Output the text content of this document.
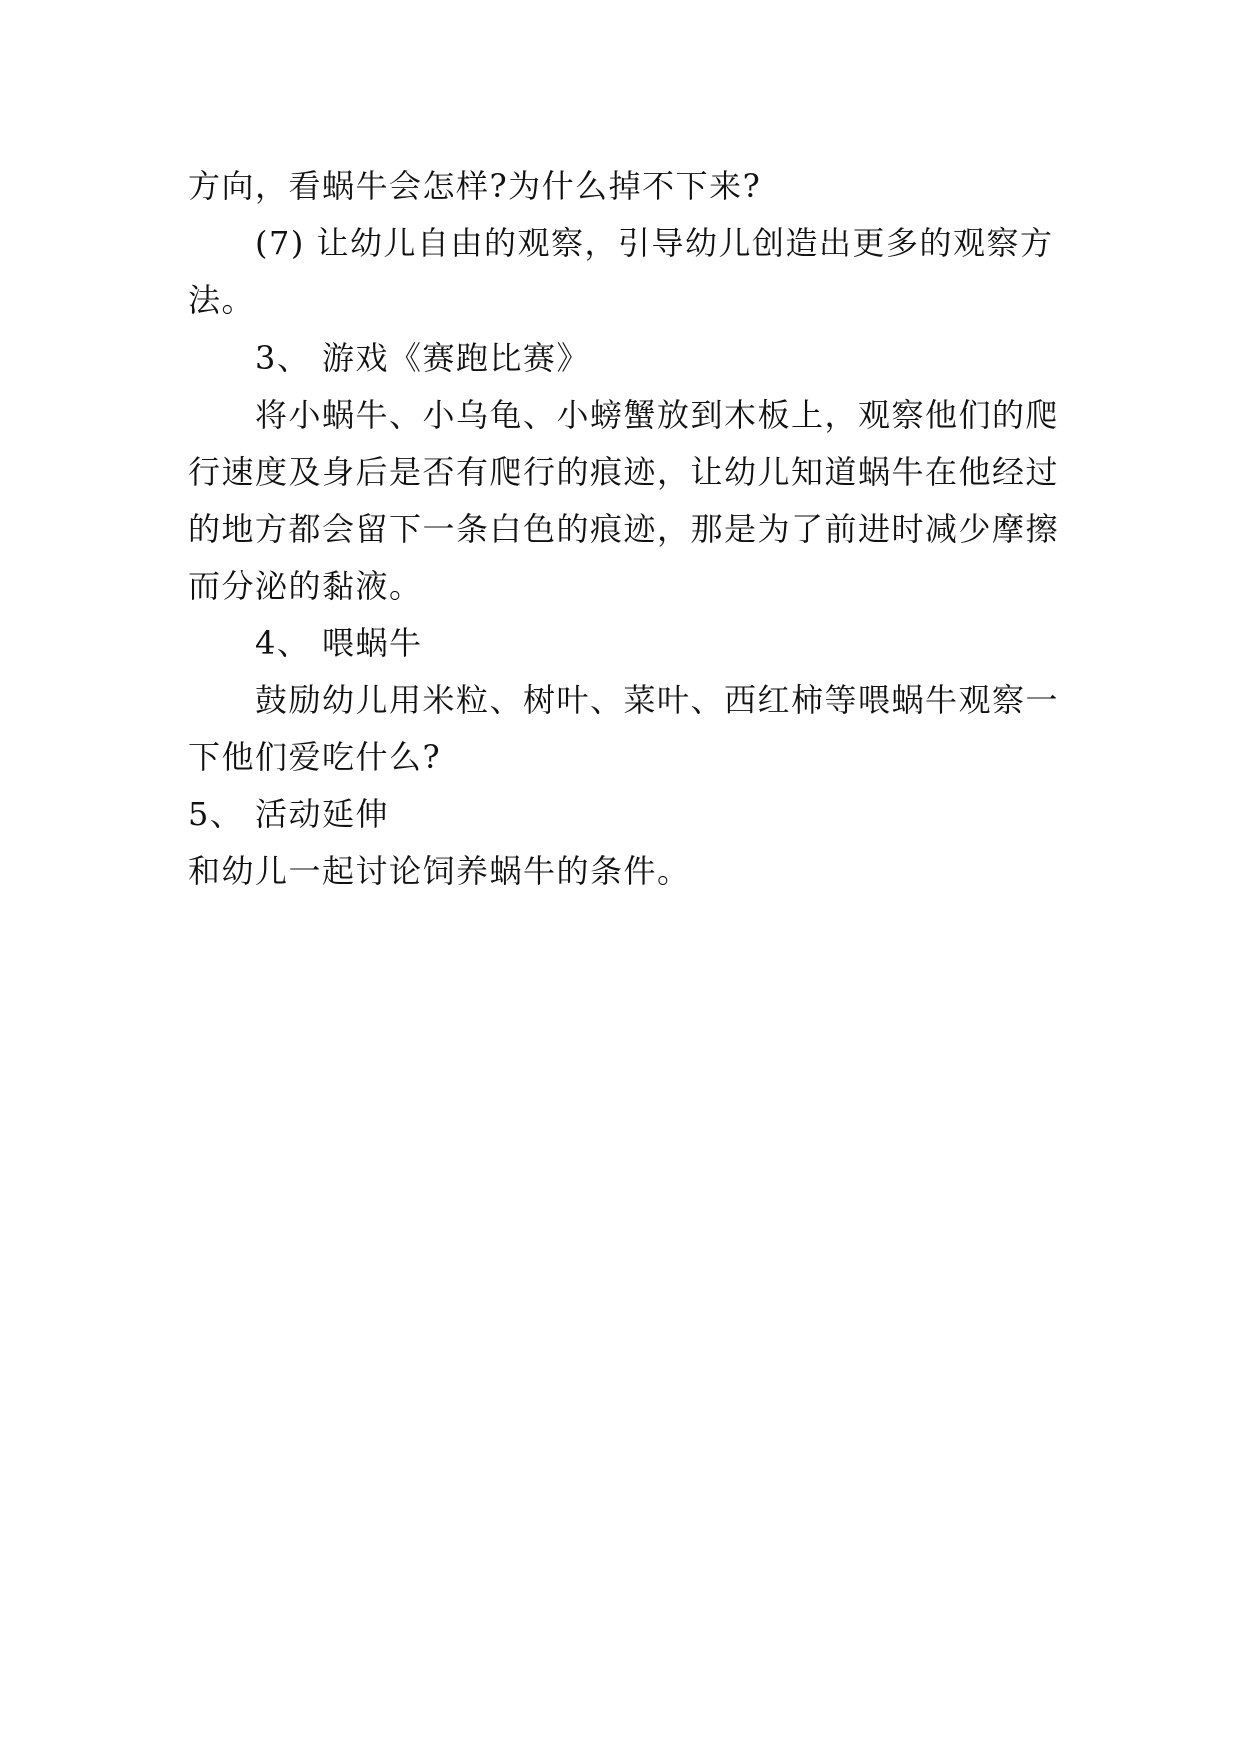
方向，看蜗牛会怎样?为什么掉不下来?
(7) 让幼儿自由的观察，引导幼儿创造出更多的观察方
法。
3、 游戏《赛跑比赛》
将小蜗牛、小乌龟、小螃蟹放到木板上，观察他们的爬
行速度及身后是否有爬行的痕迹，让幼儿知道蜗牛在他经过
的地方都会留下一条白色的痕迹，那是为了前进时减少摩擦
而分泌的黏液。
4、 喂蜗牛
鼓励幼儿用米粒、树叶、菜叶、西红柿等喂蜗牛观察一
下他们爱吃什么?
5、 活动延伸
和幼儿一起讨论饲养蜗牛的条件。
